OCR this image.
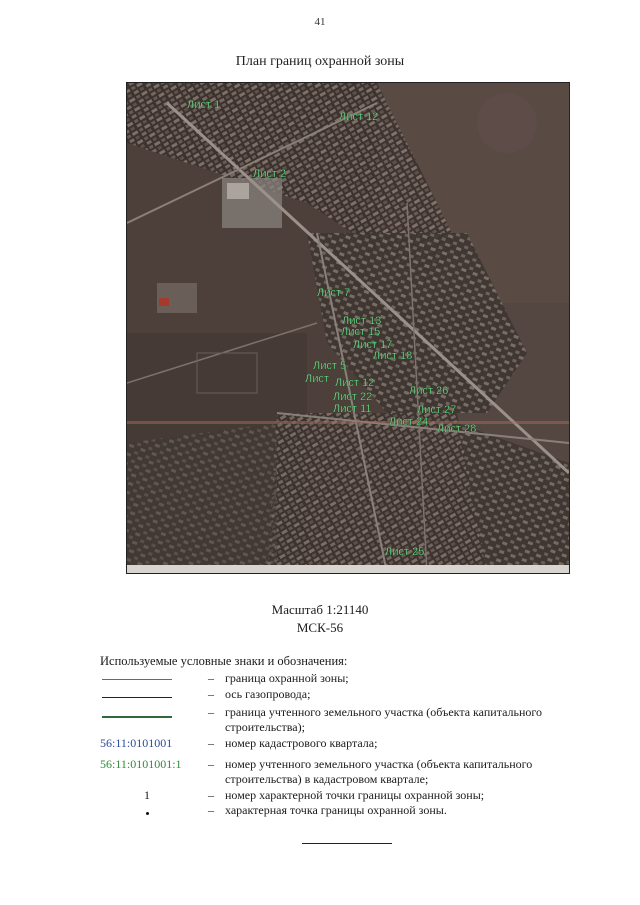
41
План границ охранной зоны
Лист 1
Лист 12
Лист 2
Лист 7
Лист 13
Лист 15
Лист 17
Лист 18
Лист 5
Лист Лист 12
Лист 26
Лист 22
Лист 11	Лист 27
Лист 24
Лист 28
Лист 25
Масштаб 1:21140
МСК-56
Используемые условные знаки и обозначения:
– граница охранной зоны;
– ось газопровода;
– граница учтенного земельного участка (объекта капитального строительства);
56:11:0101001	– номер кадастрового квартала;
56:11:0101001:1	– номер учтенного земельного участка (объекта капитального строительства) в кадастровом квартале;
1	– номер характерной точки границы охранной зоны;
– характерная точка границы охранной зоны.
